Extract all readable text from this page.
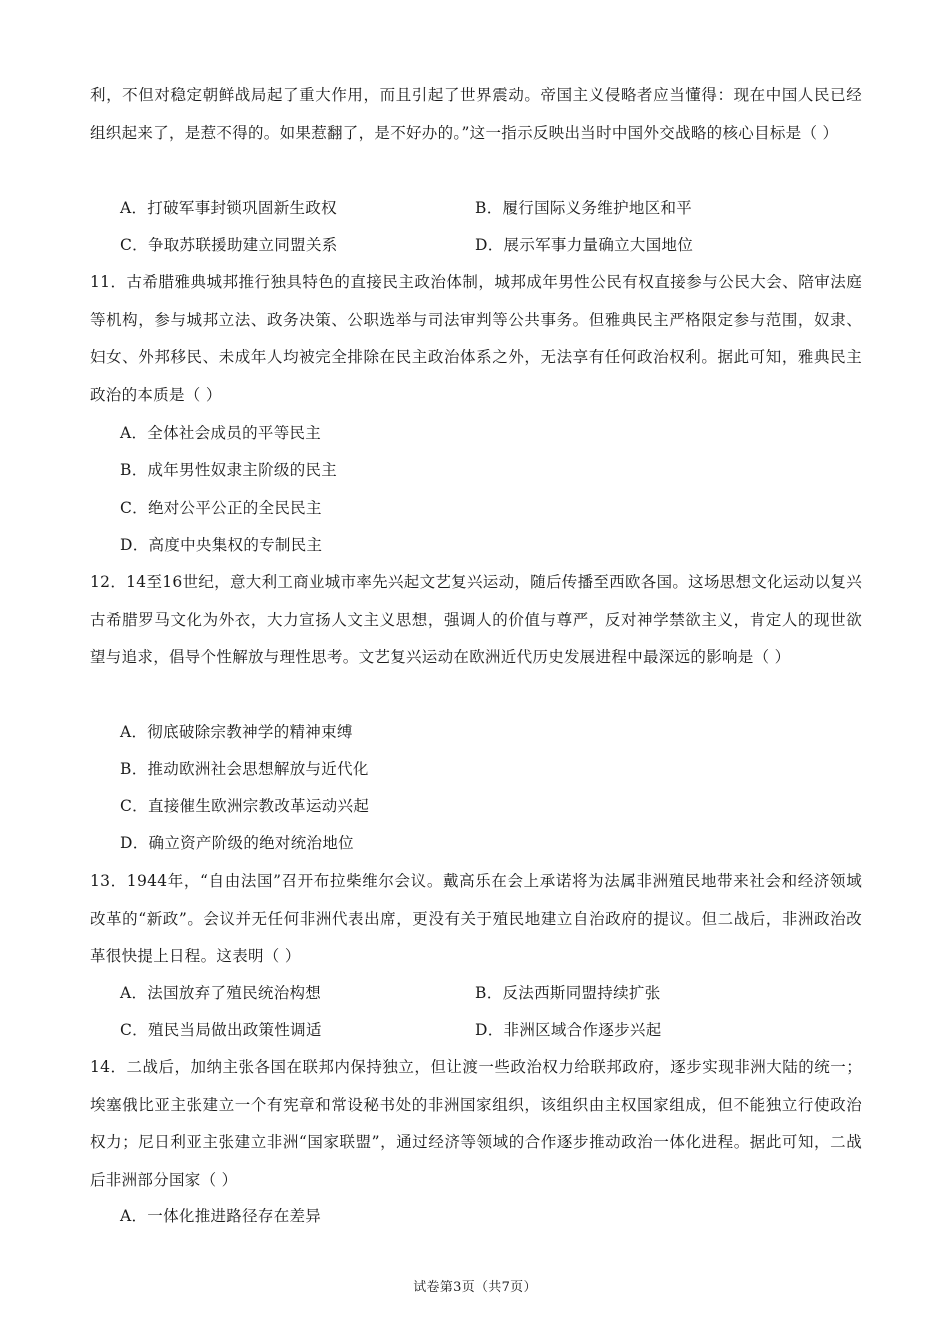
利，不但对稳定朝鲜战局起了重大作用，而且引起了世界震动。帝国主义侵略者应当懂得：现在中国人民已经组织起来了，是惹不得的。如果惹翻了，是不好办的。”这一指示反映出当时中国外交战略的核心目标是（ ）
A．打破军事封锁巩固新生政权	B．履行国际义务维护地区和平
C．争取苏联援助建立同盟关系	D．展示军事力量确立大国地位
11．古希腊雅典城邦推行独具特色的直接民主政治体制，城邦成年男性公民有权直接参与公民大会、陪审法庭等机构，参与城邦立法、政务决策、公职选举与司法审判等公共事务。但雅典民主严格限定参与范围，奴隶、妇女、外邦移民、未成年人均被完全排除在民主政治体系之外，无法享有任何政治权利。据此可知，雅典民主政治的本质是（ ）
A．全体社会成员的平等民主
B．成年男性奴隶主阶级的民主
C．绝对公平公正的全民民主
D．高度中央集权的专制民主
12．14至16世纪，意大利工商业城市率先兴起文艺复兴运动，随后传播至西欧各国。这场思想文化运动以复兴古希腊罗马文化为外衣，大力宣扬人文主义思想，强调人的价值与尊严，反对神学禁欲主义，肯定人的现世欲望与追求，倡导个性解放与理性思考。文艺复兴运动在欧洲近代历史发展进程中最深远的影响是（ ）
A．彻底破除宗教神学的精神束缚
B．推动欧洲社会思想解放与近代化
C．直接催生欧洲宗教改革运动兴起
D．确立资产阶级的绝对统治地位
13．1944年，“自由法国”召开布拉柴维尔会议。戴高乐在会上承诺将为法属非洲殖民地带来社会和经济领域改革的“新政”。会议并无任何非洲代表出席，更没有关于殖民地建立自治政府的提议。但二战后，非洲政治改革很快提上日程。这表明（ ）
A．法国放弃了殖民统治构想	B．反法西斯同盟持续扩张
C．殖民当局做出政策性调适	D．非洲区域合作逐步兴起
14．二战后，加纳主张各国在联邦内保持独立，但让渡一些政治权力给联邦政府，逐步实现非洲大陆的统一；埃塞俄比亚主张建立一个有宪章和常设秘书处的非洲国家组织，该组织由主权国家组成，但不能独立行使政治权力；尼日利亚主张建立非洲“国家联盟”，通过经济等领域的合作逐步推动政治一体化进程。据此可知，二战后非洲部分国家（ ）
A．一体化推进路径存在差异
试卷第3页（共7页）
